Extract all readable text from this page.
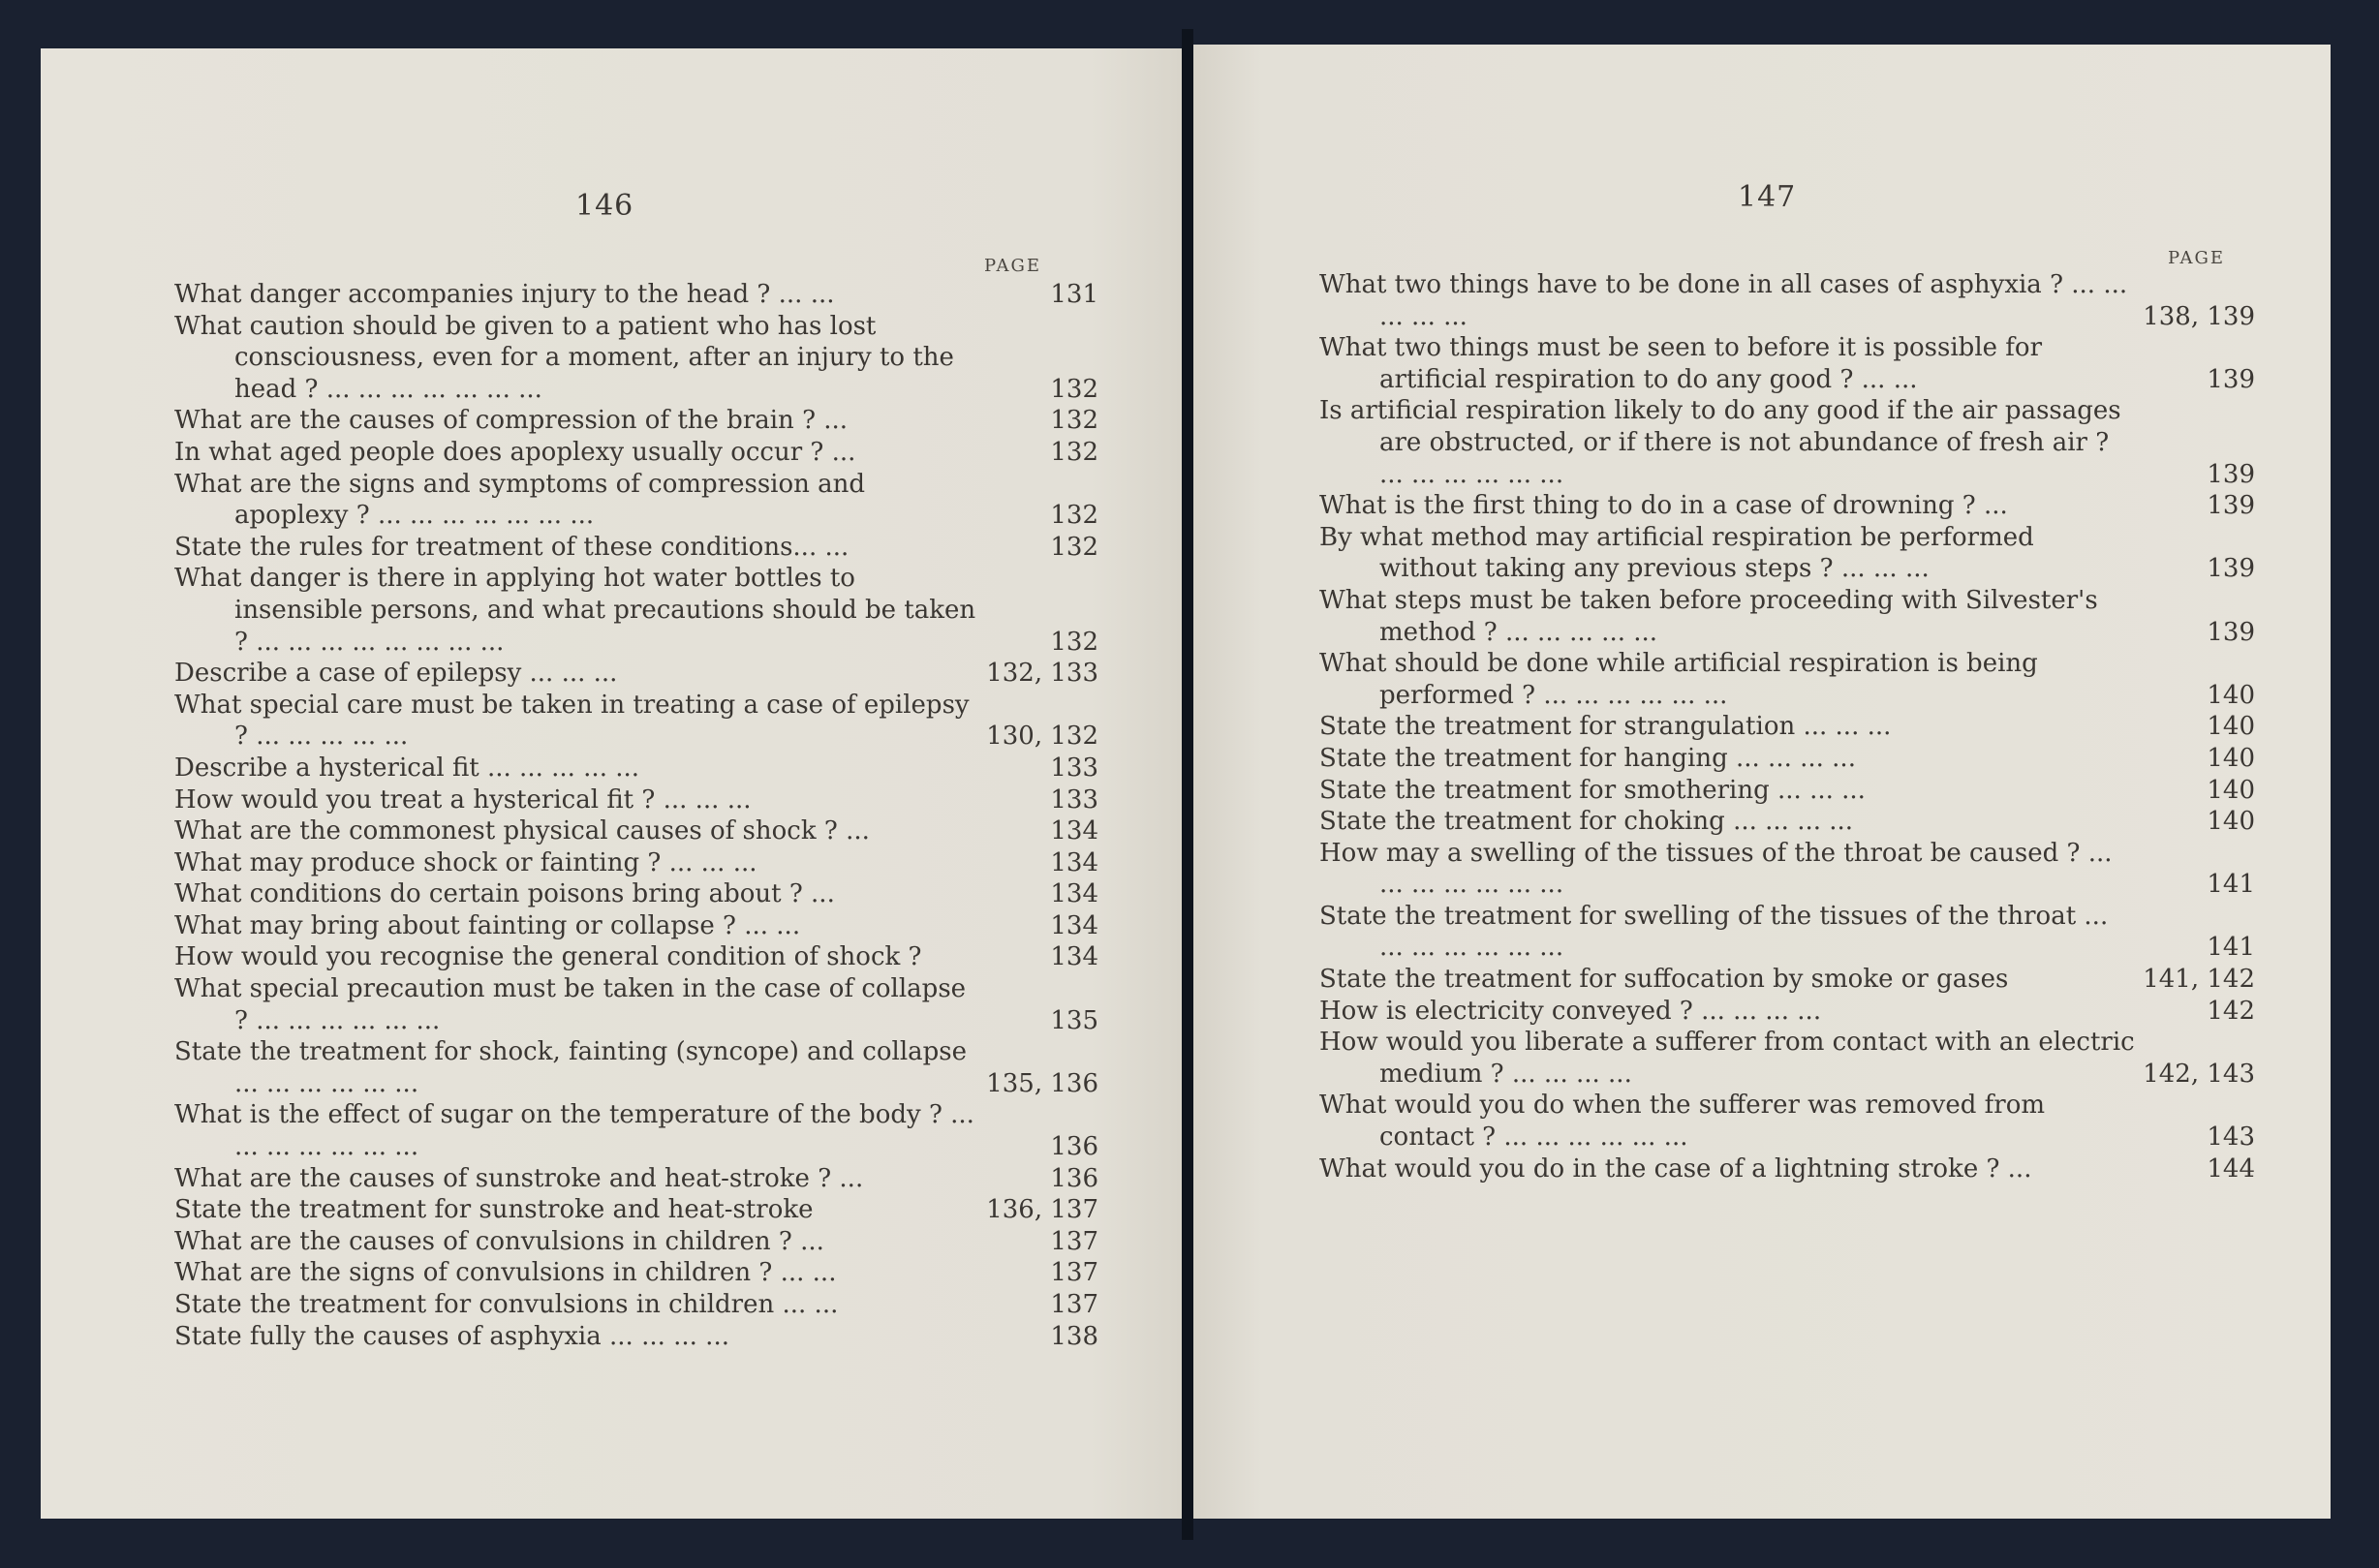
146
PAGE
What danger accompanies injury to the head ? ... ...	131
What caution should be given to a patient who has lost consciousness, even for a moment, after an injury to the head ? ... ... ... ... ... ... ...	132
What are the causes of compression of the brain ? ...	132
In what aged people does apoplexy usually occur ? ...	132
What are the signs and symptoms of compression and apoplexy ? ... ... ... ... ... ... ...	132
State the rules for treatment of these conditions... ...	132
What danger is there in applying hot water bottles to insensible persons, and what precautions should be taken ? ... ... ... ... ... ... ... ...	132
Describe a case of epilepsy ... ... ...	132, 133
What special care must be taken in treating a case of epilepsy ? ... ... ... ... ...	130, 132
Describe a hysterical fit ... ... ... ... ...	133
How would you treat a hysterical fit ? ... ... ...	133
What are the commonest physical causes of shock ? ...	134
What may produce shock or fainting ? ... ... ...	134
What conditions do certain poisons bring about ? ...	134
What may bring about fainting or collapse ? ... ...	134
How would you recognise the general condition of shock ?	134
What special precaution must be taken in the case of collapse ? ... ... ... ... ... ...	135
State the treatment for shock, fainting (syncope) and collapse ... ... ... ... ... ...	135, 136
What is the effect of sugar on the temperature of the body ? ... ... ... ... ... ... ...	136
What are the causes of sunstroke and heat-stroke ? ...	136
State the treatment for sunstroke and heat-stroke	136, 137
What are the causes of convulsions in children ? ...	137
What are the signs of convulsions in children ? ... ...	137
State the treatment for convulsions in children ... ...	137
State fully the causes of asphyxia ... ... ... ...	138
147
PAGE
What two things have to be done in all cases of asphyxia ? ... ... ... ... ...	138, 139
What two things must be seen to before it is possible for artificial respiration to do any good ? ... ...	139
Is artificial respiration likely to do any good if the air passages are obstructed, or if there is not abundance of fresh air ? ... ... ... ... ... ...	139
What is the first thing to do in a case of drowning ? ...	139
By what method may artificial respiration be performed without taking any previous steps ? ... ... ...	139
What steps must be taken before proceeding with Silvester's method ? ... ... ... ... ...	139
What should be done while artificial respiration is being performed ? ... ... ... ... ... ...	140
State the treatment for strangulation ... ... ...	140
State the treatment for hanging ... ... ... ...	140
State the treatment for smothering ... ... ...	140
State the treatment for choking ... ... ... ...	140
How may a swelling of the tissues of the throat be caused ? ... ... ... ... ... ... ...	141
State the treatment for swelling of the tissues of the throat ... ... ... ... ... ... ...	141
State the treatment for suffocation by smoke or gases	141, 142
How is electricity conveyed ? ... ... ... ...	142
How would you liberate a sufferer from contact with an electric medium ? ... ... ... ...	142, 143
What would you do when the sufferer was removed from contact ? ... ... ... ... ... ...	143
What would you do in the case of a lightning stroke ? ...	144
